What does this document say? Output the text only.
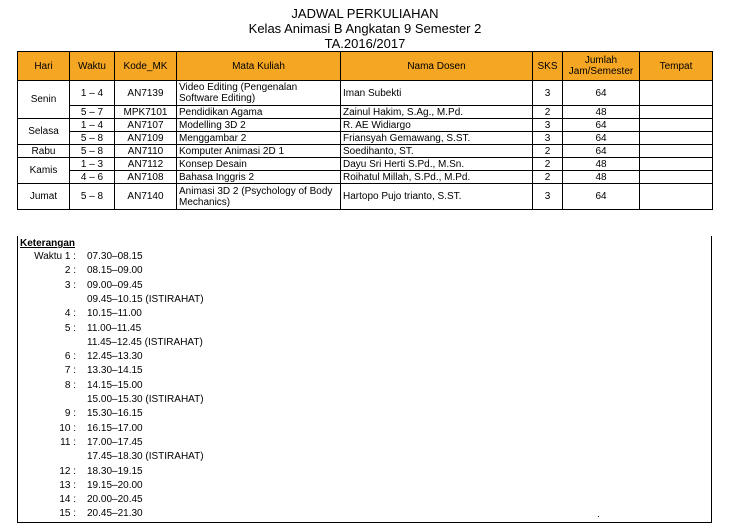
JADWAL PERKULIAHAN
Kelas Animasi B Angkatan 9 Semester 2
TA.2016/2017
Hari	Waktu	Kode_MK	Mata Kuliah	Nama Dosen	SKS	Jumlah Jam/Semester	Tempat
Senin	1 – 4	AN7139	Video Editing (Pengenalan Software Editing)	Iman Subekti	3	64	
	5 – 7	MPK7101	Pendidikan Agama	Zainul Hakim, S.Ag., M.Pd.	2	48	
Selasa	1 – 4	AN7107	Modelling 3D 2	R. AE Widiargo	3	64	
	5 – 8	AN7109	Menggambar 2	Friansyah Gemawang, S.ST.	3	64	
Rabu	5 – 8	AN7110	Komputer Animasi 2D 1	Soedihanto, ST.	2	64	
Kamis	1 – 3	AN7112	Konsep Desain	Dayu Sri Herti S.Pd., M.Sn.	2	48	
	4 – 6	AN7108	Bahasa Inggris 2	Roihatul Millah, S.Pd., M.Pd.	2	48	
Jumat	5 – 8	AN7140	Animasi 3D 2 (Psychology of Body Mechanics)	Hartopo Pujo trianto, S.ST.	3	64	
Keterangan
Waktu 1 : 07.30–08.15
2 : 08.15–09.00
3 : 09.00–09.45
09.45–10.15 (ISTIRAHAT)
4 : 10.15–11.00
5 : 11.00–11.45
11.45–12.45 (ISTIRAHAT)
6 : 12.45–13.30
7 : 13.30–14.15
8 : 14.15–15.00
15.00–15.30 (ISTIRAHAT)
9 : 15.30–16.15
10 : 16.15–17.00
11 : 17.00–17.45
17.45–18.30 (ISTIRAHAT)
12 : 18.30–19.15
13 : 19.15–20.00
14 : 20.00–20.45
15 : 20.45–21.30	.
